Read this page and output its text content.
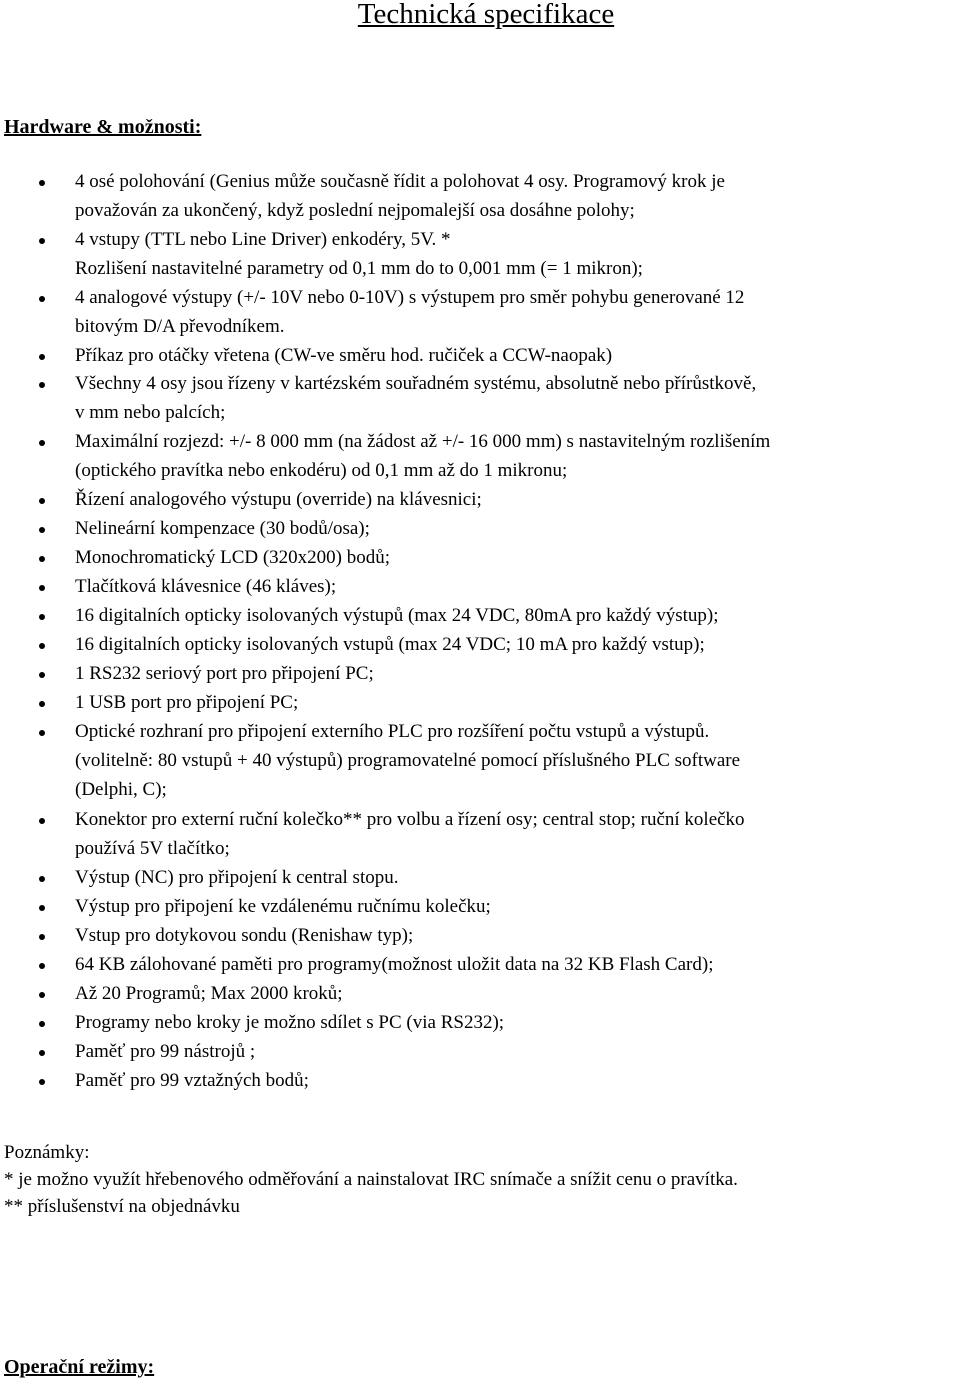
Technická specifikace
Hardware & možnosti:
4 osé polohování (Genius může současně řídit a polohovat 4 osy. Programový krok je
považován za ukončený, když poslední nejpomalejší osa dosáhne polohy;
4 vstupy (TTL nebo Line Driver) enkodéry, 5V. *
Rozlišení nastavitelné parametry od 0,1 mm do to 0,001 mm (= 1 mikron);
4 analogové výstupy (+/- 10V nebo 0-10V) s výstupem pro směr pohybu generované 12
bitovým D/A převodníkem.
Příkaz pro otáčky vřetena (CW-ve směru hod. ručiček a CCW-naopak)
Všechny 4 osy jsou řízeny v kartézském souřadném systému, absolutně nebo přírůstkově,
v mm nebo palcích;
Maximální rozjezd: +/- 8 000 mm (na žádost až +/- 16 000 mm) s nastavitelným rozlišením
(optického pravítka nebo enkodéru) od 0,1 mm až do 1 mikronu;
Řízení analogového výstupu (override) na klávesnici;
Nelineární kompenzace (30 bodů/osa);
Monochromatický LCD (320x200) bodů;
Tlačítková klávesnice (46 kláves);
16 digitalních opticky isolovaných výstupů (max 24 VDC, 80mA pro každý výstup);
16 digitalních opticky isolovaných vstupů (max 24 VDC; 10 mA pro každý vstup);
1 RS232 seriový port pro připojení PC;
1 USB port pro připojení PC;
Optické rozhraní pro připojení externího PLC pro rozšíření počtu vstupů a výstupů.
(volitelně: 80 vstupů + 40 výstupů) programovatelné pomocí příslušného PLC software
(Delphi, C);
Konektor pro externí ruční kolečko** pro volbu a řízení osy; central stop; ruční kolečko
používá 5V tlačítko;
Výstup (NC) pro připojení k central stopu.
Výstup pro připojení ke vzdálenému ručnímu kolečku;
Vstup pro dotykovou sondu (Renishaw typ);
64 KB zálohované paměti pro programy(možnost uložit data na 32 KB Flash Card);
Až 20 Programů; Max 2000 kroků;
Programy nebo kroky je možno sdílet s PC (via RS232);
Paměť pro 99 nástrojů ;
Paměť pro 99 vztažných bodů;
Poznámky:
* je možno využít hřebenového odměřování a nainstalovat IRC snímače a snížit cenu o pravítka.
** příslušenství na objednávku
Operační režimy:
